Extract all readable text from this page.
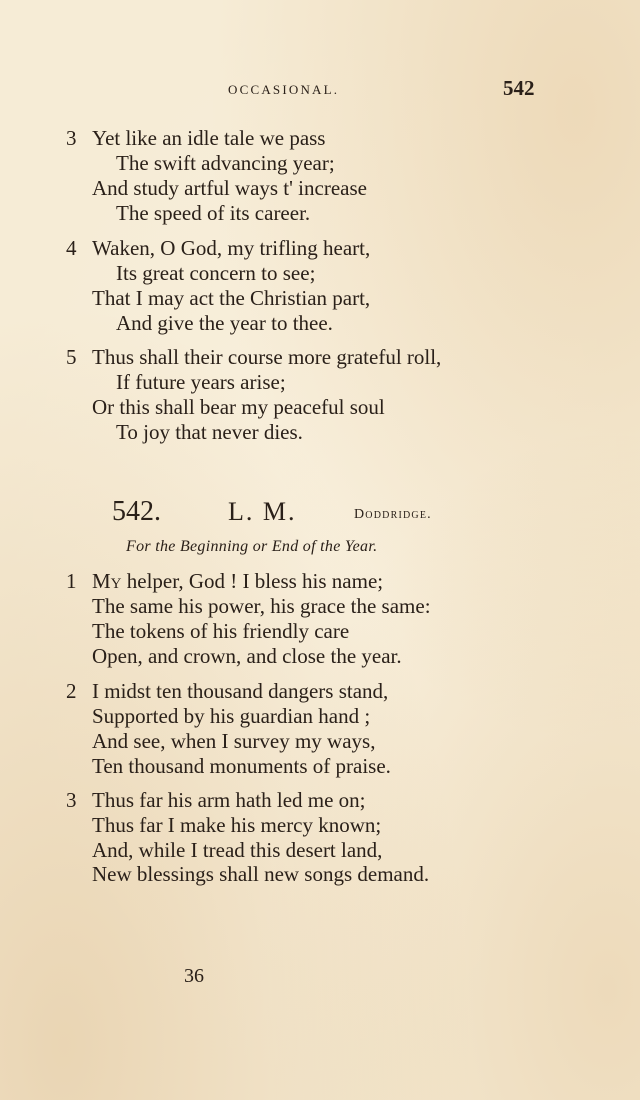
OCCASIONAL.	542
3 Yet like an idle tale we pass
The swift advancing year;
And study artful ways t' increase
The speed of its career.
4 Waken, O God, my trifling heart,
Its great concern to see;
That I may act the Christian part,
And give the year to thee.
5 Thus shall their course more grateful roll,
If future years arise;
Or this shall bear my peaceful soul
To joy that never dies.
542.	L. M.	Doddridge.
For the Beginning or End of the Year.
1 My helper, God ! I bless his name;
The same his power, his grace the same:
The tokens of his friendly care
Open, and crown, and close the year.
2 I midst ten thousand dangers stand,
Supported by his guardian hand ;
And see, when I survey my ways,
Ten thousand monuments of praise.
3 Thus far his arm hath led me on;
Thus far I make his mercy known;
And, while I tread this desert land,
New blessings shall new songs demand.
36
